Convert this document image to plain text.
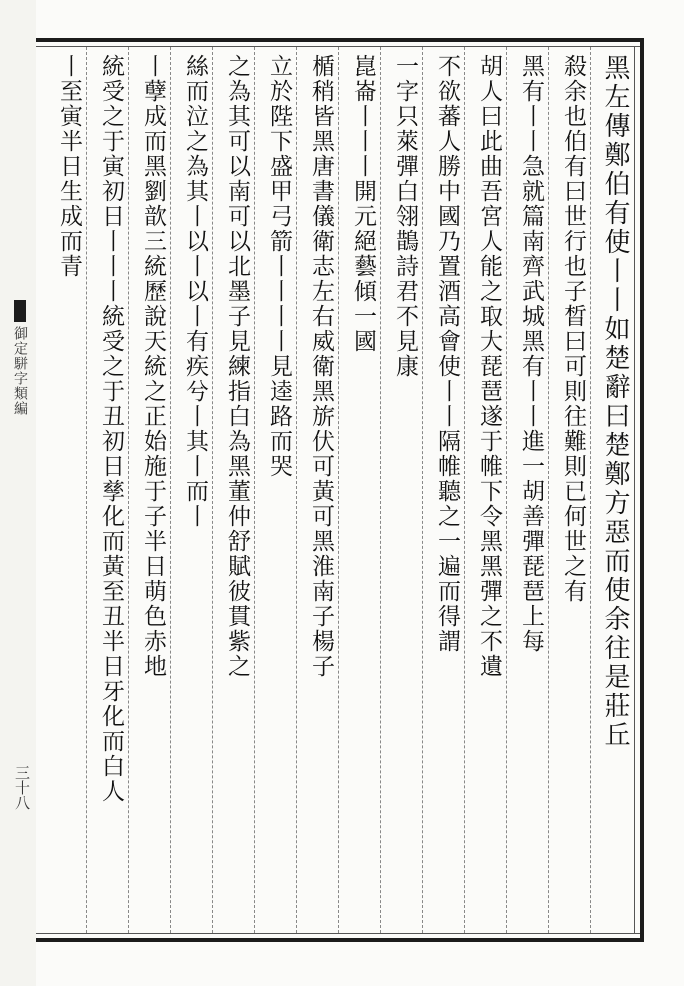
御定駢字類編
三十八
黑左傳鄭伯有使丨丨如楚辭曰楚鄭方惡而使余往是莊丘
殺余也伯有曰世行也子晳曰可則往難則已何世之有
黑有丨丨急就篇南齊武城黑有丨丨進一胡善彈琵琶上每
胡人曰此曲吾宮人能之取大琵琶遂于帷下令黑黑彈之不遺
不欲蕃人勝中國乃置酒高會使丨丨隔帷聽之一遍而得謂
一字只萊彈白翎鵲詩君不見康
崑崙丨丨丨開元絕藝傾一國
楯稍皆黑唐書儀衛志左右威衛黑旂伏可黃可黑淮南子楊子
立於陛下盛甲弓箭丨丨丨丨見逵路而哭
之為其可以南可以北墨子見練指白為黑董仲舒賦彼貫紫之
絲而泣之為其丨以丨以丨有疾兮丨其丨而丨
丨孽成而黑劉歆三統歷說天統之正始施于子半日萌色赤地
統受之于寅初日丨丨丨統受之于丑初日孳化而黃至丑半日牙化而白人
丨至寅半日生成而青
